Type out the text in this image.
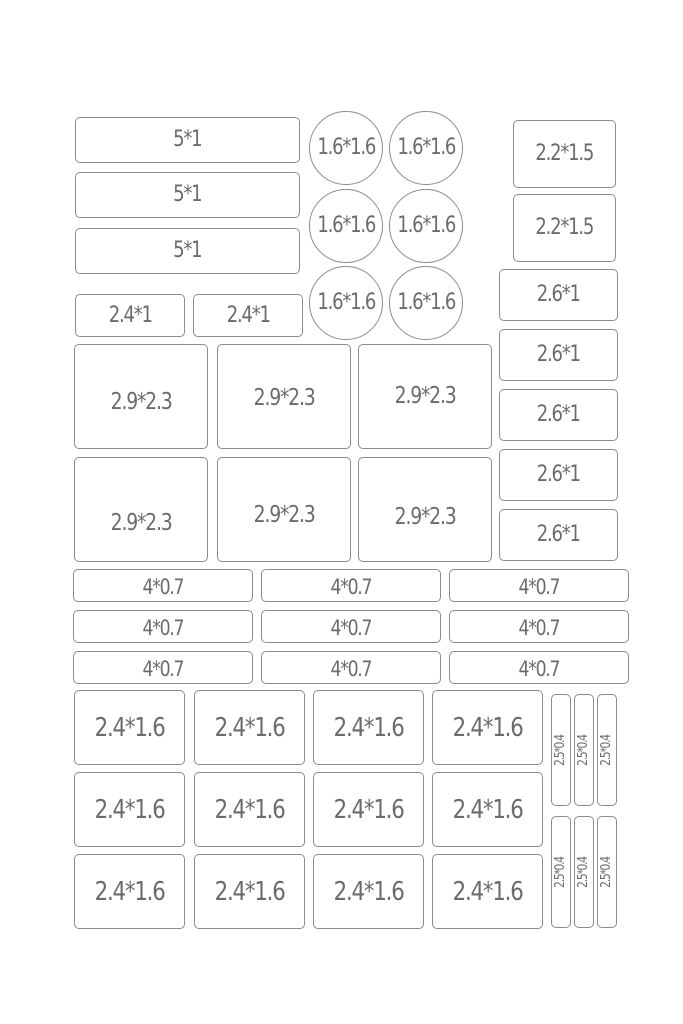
5*1
5*1
5*1
1.6*1.6 1.6*1.6
1.6*1.6 1.6*1.6
1.6*1.6 1.6*1.6
2.2*1.5
2.2*1.5
2.4*1	2.4*1
2.6*1
2.6*1
2.6*1
2.6*1
2.6*1
2.9*2.3	2.9*2.3	2.9*2.3
2.9*2.3	2.9*2.3	2.9*2.3
4*0.7	4*0.7	4*0.7
4*0.7	4*0.7	4*0.7
4*0.7	4*0.7	4*0.7
2.4*1.6 2.4*1.6 2.4*1.6 2.4*1.6
2.4*1.6 2.4*1.6 2.4*1.6 2.4*1.6
2.4*1.6 2.4*1.6 2.4*1.6 2.4*1.6
2.5*0.4 2.5*0.4 2.5*0.4
2.5*0.4 2.5*0.4 2.5*0.4
